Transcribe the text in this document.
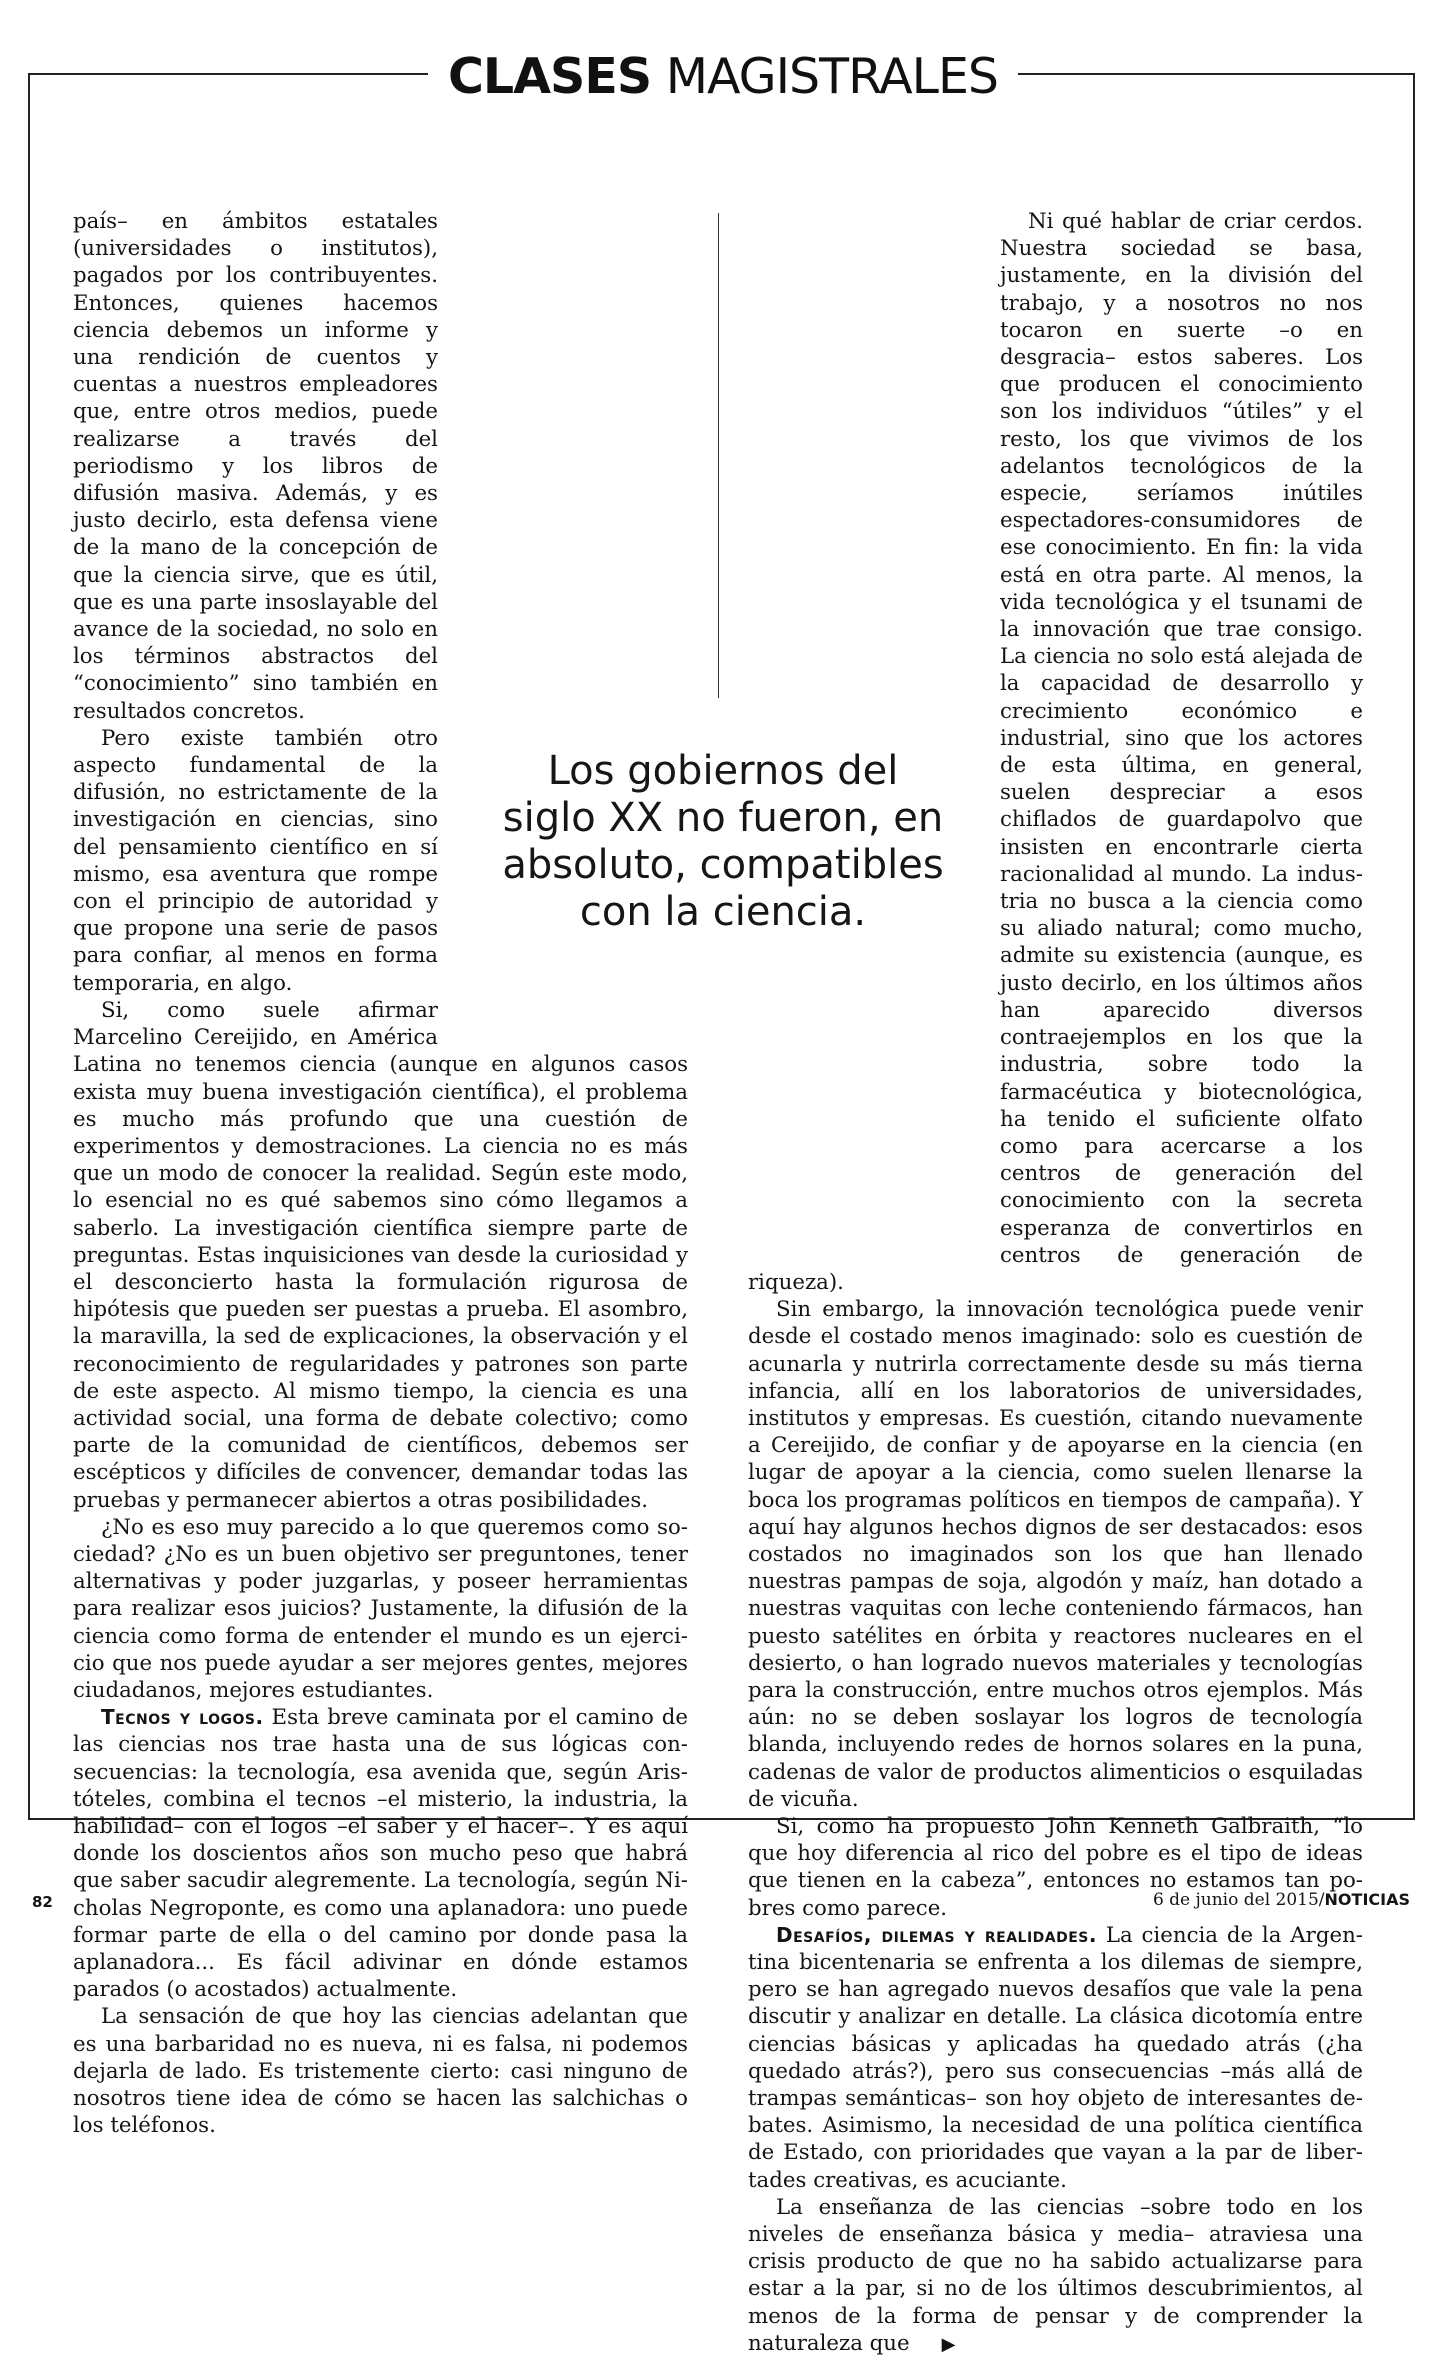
CLASES MAGISTRALES

país– en ámbitos estatales (universidades o institutos), pagados por los contribuyentes. Entonces, quienes hacemos ciencia debemos un informe y una rendición de cuentos y cuentas a nuestros empleadores que, entre otros medios, puede realizarse a través del periodismo y los libros de difusión masiva. Además, y es justo decirlo, esta defensa viene de la mano de la concepción de que la ciencia sirve, que es útil, que es una parte insoslayable del avance de la sociedad, no solo en los términos abstractos del “conocimiento” sino también en resultados concretos.

Pero existe también otro aspecto fundamental de la difusión, no estrictamente de la investigación en ciencias, sino del pensamiento científico en sí mismo, esa aventura que rompe con el principio de autoridad y que propone una serie de pasos para confiar, al menos en forma temporaria, en algo.

Si, como suele afirmar Marcelino Cereijido, en América Latina no tenemos ciencia (aunque en algunos casos exista muy buena investigación científica), el problema es mucho más profundo que una cuestión de experimentos y demostraciones. La ciencia no es más que un modo de conocer la realidad. Según este modo, lo esencial no es qué sabemos sino cómo llegamos a saberlo. La investigación científica siempre parte de preguntas. Estas inquisiciones van desde la curiosidad y el desconcierto hasta la formulación rigurosa de hipótesis que pueden ser puestas a prueba. El asombro, la maravilla, la sed de explicaciones, la observación y el reconocimiento de regularidades y patrones son parte de este aspecto. Al mismo tiempo, la ciencia es una actividad social, una forma de debate colectivo; como parte de la comunidad de científicos, debemos ser escépticos y difíciles de convencer, demandar todas las pruebas y permanecer abiertos a otras posibilidades.

¿No es eso muy parecido a lo que queremos como sociedad? ¿No es un buen objetivo ser preguntones, tener alternativas y poder juzgarlas, y poseer herramientas para realizar esos juicios? Justamente, la difusión de la ciencia como forma de entender el mundo es un ejercicio que nos puede ayudar a ser mejores gentes, mejores ciudadanos, mejores estudiantes.

Tecnos y logos. Esta breve caminata por el camino de las ciencias nos trae hasta una de sus lógicas consecuencias: la tecnología, esa avenida que, según Aristóteles, combina el tecnos –el misterio, la industria, la habilidad– con el logos –el saber y el hacer–. Y es aquí donde los doscientos años son mucho peso que habrá que saber sacudir alegremente. La tecnología, según Nicholas Negroponte, es como una aplanadora: uno puede formar parte de ella o del camino por donde pasa la aplanadora... Es fácil adivinar en dónde estamos parados (o acostados) actualmente.

La sensación de que hoy las ciencias adelantan que es una barbaridad no es nueva, ni es falsa, ni podemos dejarla de lado. Es tristemente cierto: casi ninguno de nosotros tiene idea de cómo se hacen las salchichas o los teléfonos.

Ni qué hablar de criar cerdos. Nuestra sociedad se basa, justamente, en la división del trabajo, y a nosotros no nos tocaron en suerte –o en desgracia– estos saberes. Los que producen el conocimiento son los individuos “útiles” y el resto, los que vivimos de los adelantos tecnológicos de la especie, seríamos inútiles espectadores-consumidores de ese conocimiento. En fin: la vida está en otra parte. Al menos, la vida tecnológica y el tsunami de la innovación que trae consigo. La ciencia no solo está alejada de la capacidad de desarrollo y crecimiento económico e industrial, sino que los actores de esta última, en general, suelen despreciar a esos chiflados de guardapolvo que insisten en encontrarle cierta racionalidad al mundo. La industria no busca a la ciencia como su aliado natural; como mucho, admite su existencia (aunque, es justo decirlo, en los últimos años han aparecido diversos contraejemplos en los que la industria, sobre todo la farmacéutica y biotecnológica, ha tenido el suficiente olfato como para acercarse a los centros de generación del conocimiento con la secreta esperanza de convertirlos en centros de generación de riqueza).

Sin embargo, la innovación tecnológica puede venir desde el costado menos imaginado: solo es cuestión de acunarla y nutrirla correctamente desde su más tierna infancia, allí en los laboratorios de universidades, institutos y empresas. Es cuestión, citando nuevamente a Cereijido, de confiar y de apoyarse en la ciencia (en lugar de apoyar a la ciencia, como suelen llenarse la boca los programas políticos en tiempos de campaña). Y aquí hay algunos hechos dignos de ser destacados: esos costados no imaginados son los que han llenado nuestras pampas de soja, algodón y maíz, han dotado a nuestras vaquitas con leche conteniendo fármacos, han puesto satélites en órbita y reactores nucleares en el desierto, o han logrado nuevos materiales y tecnologías para la construcción, entre muchos otros ejemplos. Más aún: no se deben soslayar los logros de tecnología blanda, incluyendo redes de hornos solares en la puna, cadenas de valor de productos alimenticios o esquiladas de vicuña.

Si, como ha propuesto John Kenneth Galbraith, “lo que hoy diferencia al rico del pobre es el tipo de ideas que tienen en la cabeza”, entonces no estamos tan pobres como parece.

Desafíos, dilemas y realidades. La ciencia de la Argentina bicentenaria se enfrenta a los dilemas de siempre, pero se han agregado nuevos desafíos que vale la pena discutir y analizar en detalle. La clásica dicotomía entre ciencias básicas y aplicadas ha quedado atrás (¿ha quedado atrás?), pero sus consecuencias –más allá de trampas semánticas– son hoy objeto de interesantes debates. Asimismo, la necesidad de una política científica de Estado, con prioridades que vayan a la par de libertades creativas, es acuciante.

La enseñanza de las ciencias –sobre todo en los niveles de enseñanza básica y media– atraviesa una crisis producto de que no ha sabido actualizarse para estar a la par, si no de los últimos descubrimientos, al menos de la forma de pensar y de comprender la naturaleza que ▶

Los gobiernos del
siglo XX no fueron, en
absoluto, compatibles
con la ciencia.
82	6 de junio del 2015/NOTICIAS
